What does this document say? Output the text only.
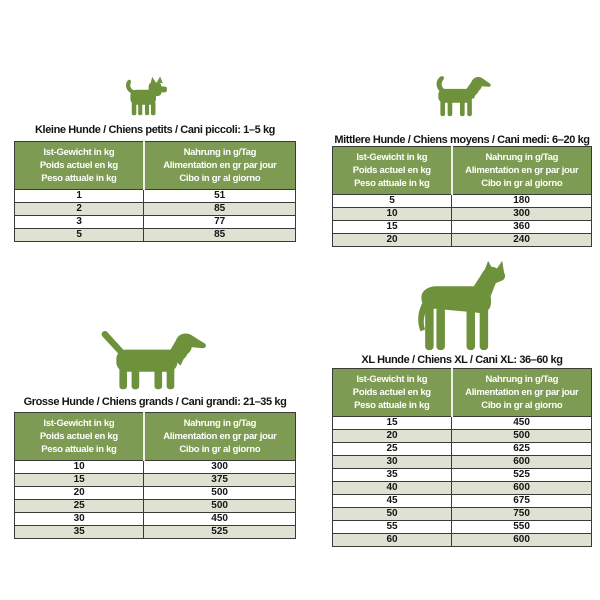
Kleine Hunde / Chiens petits / Cani piccoli: 1–5 kg
Ist-Gewicht in kg
Poids actuel en kg
Peso attuale in kg

Nahrung in g/Tag
Alimentation en gr par jour
Cibo in gr al giorno

1	51
2	85
3	77
5	85
Mittlere Hunde / Chiens moyens / Cani medi: 6–20 kg
Ist-Gewicht in kg
Poids actuel en kg
Peso attuale in kg

Nahrung in g/Tag
Alimentation en gr par jour
Cibo in gr al giorno

5	180
10	300
15	360
20	240
Grosse Hunde / Chiens grands / Cani grandi: 21–35 kg
Ist-Gewicht in kg
Poids actuel en kg
Peso attuale in kg

Nahrung in g/Tag
Alimentation en gr par jour
Cibo in gr al giorno

10	300
15	375
20	500
25	500
30	450
35	525
XL Hunde / Chiens XL / Cani XL: 36–60 kg
Ist-Gewicht in kg
Poids actuel en kg
Peso attuale in kg

Nahrung in g/Tag
Alimentation en gr par jour
Cibo in gr al giorno

15	450
20	500
25	625
30	600
35	525
40	600
45	675
50	750
55	550
60	600
